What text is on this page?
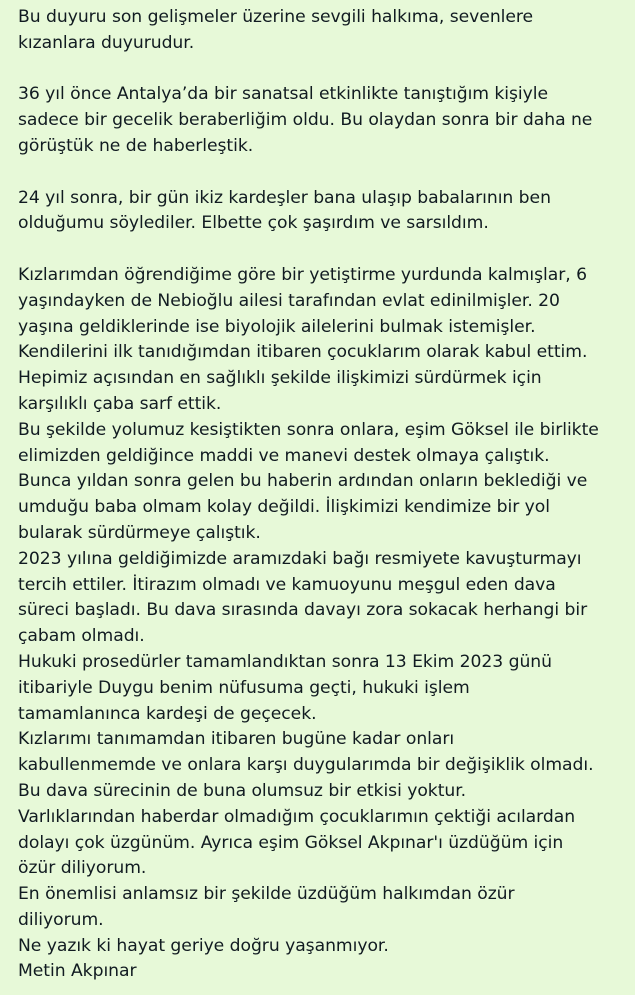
Bu duyuru son gelişmeler üzerine sevgili halkıma, sevenlere
kızanlara duyurudur.
36 yıl önce Antalya’da bir sanatsal etkinlikte tanıştığım kişiyle
sadece bir gecelik beraberliğim oldu. Bu olaydan sonra bir daha ne
görüştük ne de haberleştik.
24 yıl sonra, bir gün ikiz kardeşler bana ulaşıp babalarının ben
olduğumu söylediler. Elbette çok şaşırdım ve sarsıldım.
Kızlarımdan öğrendiğime göre bir yetiştirme yurdunda kalmışlar, 6
yaşındayken de Nebioğlu ailesi tarafından evlat edinilmişler. 20
yaşına geldiklerinde ise biyolojik ailelerini bulmak istemişler.
Kendilerini ilk tanıdığımdan itibaren çocuklarım olarak kabul ettim.
Hepimiz açısından en sağlıklı şekilde ilişkimizi sürdürmek için
karşılıklı çaba sarf ettik.
Bu şekilde yolumuz kesiştikten sonra onlara, eşim Göksel ile birlikte
elimizden geldiğince maddi ve manevi destek olmaya çalıştık.
Bunca yıldan sonra gelen bu haberin ardından onların beklediği ve
umduğu baba olmam kolay değildi. İlişkimizi kendimize bir yol
bularak sürdürmeye çalıştık.
2023 yılına geldiğimizde aramızdaki bağı resmiyete kavuşturmayı
tercih ettiler. İtirazım olmadı ve kamuoyunu meşgul eden dava
süreci başladı. Bu dava sırasında davayı zora sokacak herhangi bir
çabam olmadı.
Hukuki prosedürler tamamlandıktan sonra 13 Ekim 2023 günü
itibariyle Duygu benim nüfusuma geçti, hukuki işlem
tamamlanınca kardeşi de geçecek.
Kızlarımı tanımamdan itibaren bugüne kadar onları
kabullenmemde ve onlara karşı duygularımda bir değişiklik olmadı.
Bu dava sürecinin de buna olumsuz bir etkisi yoktur.
Varlıklarından haberdar olmadığım çocuklarımın çektiği acılardan
dolayı çok üzgünüm. Ayrıca eşim Göksel Akpınar'ı üzdüğüm için
özür diliyorum.
En önemlisi anlamsız bir şekilde üzdüğüm halkımdan özür
diliyorum.
Ne yazık ki hayat geriye doğru yaşanmıyor.
Metin Akpınar
